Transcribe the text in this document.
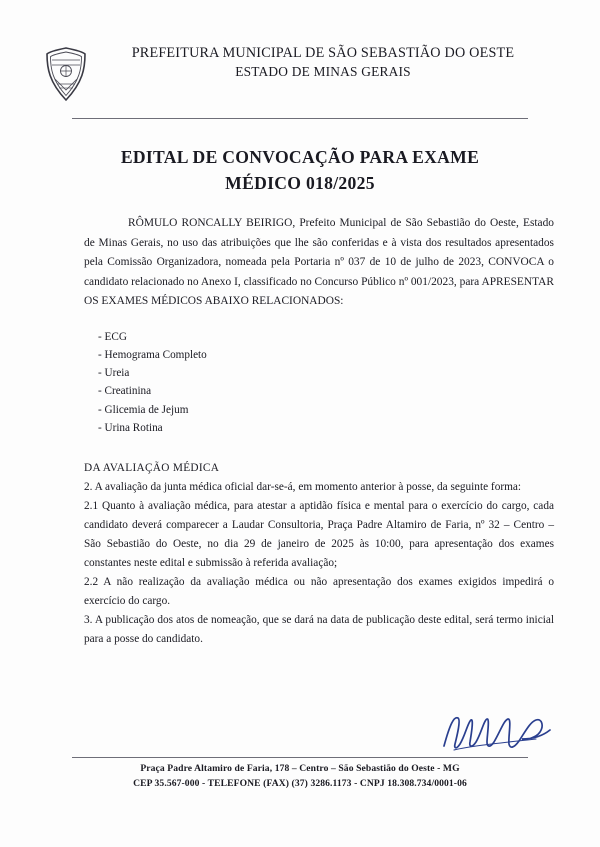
PREFEITURA MUNICIPAL DE SÃO SEBASTIÃO DO OESTE
ESTADO DE MINAS GERAIS
EDITAL DE CONVOCAÇÃO PARA EXAME
MÉDICO 018/2025

RÔMULO RONCALLY BEIRIGO, Prefeito Municipal de São Sebastião do Oeste, Estado de Minas Gerais, no uso das atribuições que lhe são conferidas e à vista dos resultados apresentados pela Comissão Organizadora, nomeada pela Portaria nº 037 de 10 de julho de 2023, CONVOCA o candidato relacionado no Anexo I, classificado no Concurso Público nº 001/2023, para APRESENTAR OS EXAMES MÉDICOS ABAIXO RELACIONADOS:

- ECG
- Hemograma Completo
- Ureia
- Creatinina
- Glicemia de Jejum
- Urina Rotina
DA AVALIAÇÃO MÉDICA

2. A avaliação da junta médica oficial dar-se-á, em momento anterior à posse, da seguinte forma:

2.1 Quanto à avaliação médica, para atestar a aptidão física e mental para o exercício do cargo, cada candidato deverá comparecer a Laudar Consultoria, Praça Padre Altamiro de Faria, nº 32 – Centro – São Sebastião do Oeste, no dia 29 de janeiro de 2025 às 10:00, para apresentação dos exames constantes neste edital e submissão à referida avaliação;

2.2 A não realização da avaliação médica ou não apresentação dos exames exigidos impedirá o exercício do cargo.

3. A publicação dos atos de nomeação, que se dará na data de publicação deste edital, será termo inicial para a posse do candidato.

Praça Padre Altamiro de Faria, 178 – Centro – São Sebastião do Oeste - MG
CEP 35.567-000 - TELEFONE (FAX) (37) 3286.1173 - CNPJ 18.308.734/0001-06
